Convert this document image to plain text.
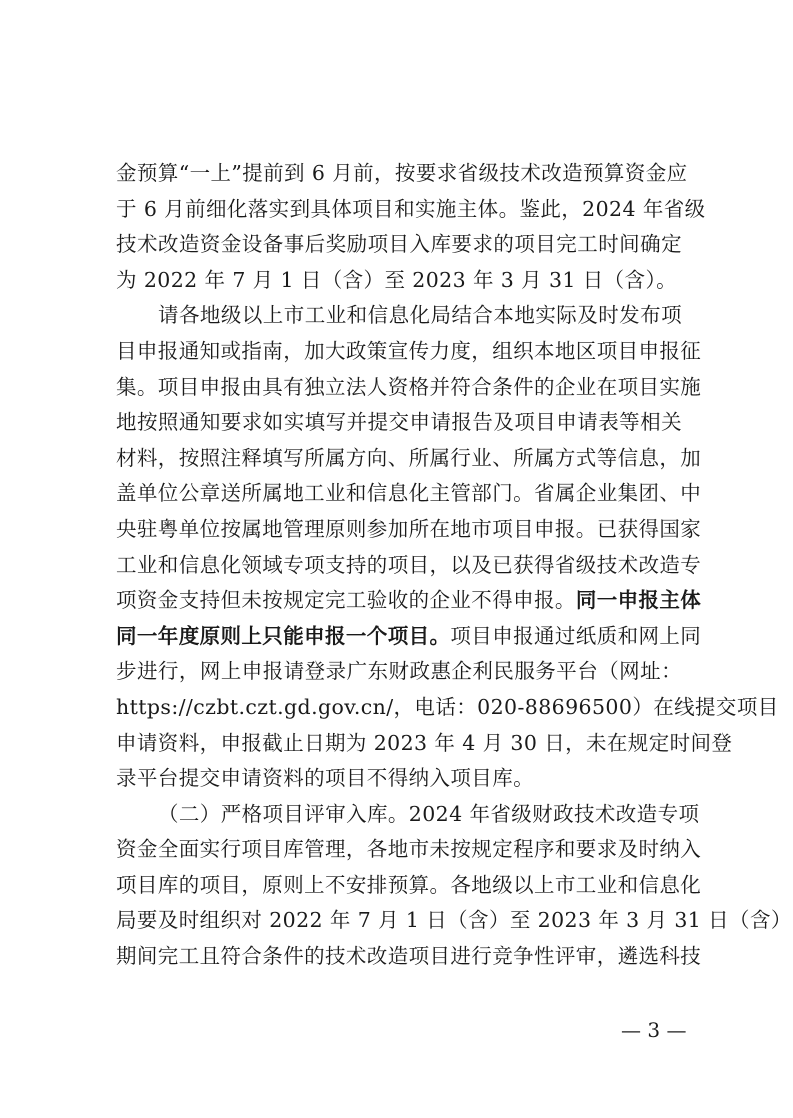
金预算“一上”提前到 6 月前，按要求省级技术改造预算资金应
于 6 月前细化落实到具体项目和实施主体。鉴此，2024 年省级
技术改造资金设备事后奖励项目入库要求的项目完工时间确定
为 2022 年 7 月 1 日（含）至 2023 年 3 月 31 日（含）。
请各地级以上市工业和信息化局结合本地实际及时发布项
目申报通知或指南，加大政策宣传力度，组织本地区项目申报征
集。项目申报由具有独立法人资格并符合条件的企业在项目实施
地按照通知要求如实填写并提交申请报告及项目申请表等相关
材料，按照注释填写所属方向、所属行业、所属方式等信息，加
盖单位公章送所属地工业和信息化主管部门。省属企业集团、中
央驻粤单位按属地管理原则参加所在地市项目申报。已获得国家
工业和信息化领域专项支持的项目，以及已获得省级技术改造专
项资金支持但未按规定完工验收的企业不得申报。同一申报主体
同一年度原则上只能申报一个项目。项目申报通过纸质和网上同
步进行，网上申报请登录广东财政惠企利民服务平台（网址：
https://czbt.czt.gd.gov.cn/，电话：020-88696500）在线提交项目
申请资料，申报截止日期为 2023 年 4 月 30 日，未在规定时间登
录平台提交申请资料的项目不得纳入项目库。
（二）严格项目评审入库。2024 年省级财政技术改造专项
资金全面实行项目库管理，各地市未按规定程序和要求及时纳入
项目库的项目，原则上不安排预算。各地级以上市工业和信息化
局要及时组织对 2022 年 7 月 1 日（含）至 2023 年 3 月 31 日（含）
期间完工且符合条件的技术改造项目进行竞争性评审，遴选科技
— 3 —
